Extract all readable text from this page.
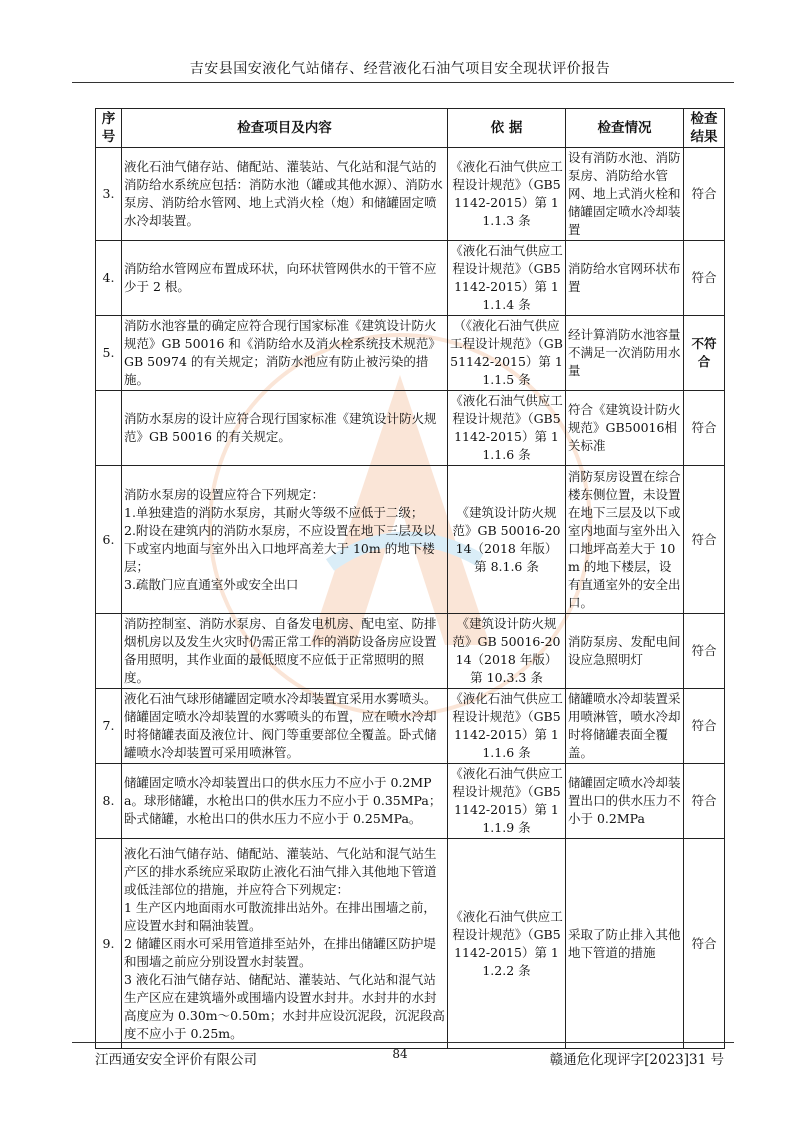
吉安县国安液化气站储存、经营液化石油气项目安全现状评价报告
序号	检查项目及内容	依 据	检查情况	检查结果
3.	液化石油气储存站、储配站、灌装站、气化站和混气站的消防给水系统应包括：消防水池（罐或其他水源）、消防水泵房、消防给水管网、地上式消火栓（炮）和储罐固定喷水冷却装置。	《液化石油气供应工程设计规范》（GB51142-2015）第 11.1.3 条	设有消防水池、消防泵房、消防给水管网、地上式消火栓和储罐固定喷水冷却装置	符合
4.	消防给水管网应布置成环状，向环状管网供水的干管不应少于 2 根。	《液化石油气供应工程设计规范》（GB51142-2015）第 11.1.4 条	消防给水官网环状布置	符合
5.	消防水池容量的确定应符合现行国家标准《建筑设计防火规范》GB 50016 和《消防给水及消火栓系统技术规范》GB 50974 的有关规定；消防水池应有防止被污染的措施。	（《液化石油气供应工程设计规范》（GB51142-2015）第 11.1.5 条	经计算消防水池容量不满足一次消防用水量	不符合
	消防水泵房的设计应符合现行国家标准《建筑设计防火规范》GB 50016 的有关规定。	《液化石油气供应工程设计规范》（GB51142-2015）第 11.1.6 条	符合《建筑设计防火规范》GB50016相关标准	符合
6.	消防水泵房的设置应符合下列规定：
1.单独建造的消防水泵房，其耐火等级不应低于二级；
2.附设在建筑内的消防水泵房，不应设置在地下三层及以下或室内地面与室外出入口地坪高差大于 10m 的地下楼层；
3.疏散门应直通室外或安全出口	《建筑设计防火规范》GB 50016-2014（2018 年版）第 8.1.6 条	消防泵房设置在综合楼东侧位置，未设置在地下三层及以下或室内地面与室外出入口地坪高差大于 10m 的地下楼层，设有直通室外的安全出口。	符合
	消防控制室、消防水泵房、自备发电机房、配电室、防排烟机房以及发生火灾时仍需正常工作的消防设备房应设置备用照明，其作业面的最低照度不应低于正常照明的照度。	《建筑设计防火规范》GB 50016-2014（2018 年版）第 10.3.3 条	消防泵房、发配电间设应急照明灯	符合
7.	液化石油气球形储罐固定喷水冷却装置宜采用水雾喷头。储罐固定喷水冷却装置的水雾喷头的布置，应在喷水冷却时将储罐表面及液位计、阀门等重要部位全覆盖。卧式储罐喷水冷却装置可采用喷淋管。	《液化石油气供应工程设计规范》（GB51142-2015）第 11.1.6 条	储罐喷水冷却装置采用喷淋管，喷水冷却时将储罐表面全覆盖。	符合
8.	储罐固定喷水冷却装置出口的供水压力不应小于 0.2MPa。球形储罐，水枪出口的供水压力不应小于 0.35MPa；卧式储罐，水枪出口的供水压力不应小于 0.25MPa。	《液化石油气供应工程设计规范》（GB51142-2015）第 11.1.9 条	储罐固定喷水冷却装置出口的供水压力不小于 0.2MPa	符合
9.	液化石油气储存站、储配站、灌装站、气化站和混气站生产区的排水系统应采取防止液化石油气排入其他地下管道或低洼部位的措施，并应符合下列规定：
1 生产区内地面雨水可散流排出站外。在排出围墙之前，应设置水封和隔油装置。
2 储罐区雨水可采用管道排至站外，在排出储罐区防护堤和围墙之前应分别设置水封装置。
3 液化石油气储存站、储配站、灌装站、气化站和混气站生产区应在建筑墙外或围墙内设置水封井。水封井的水封高度应为 0.30m～0.50m；水封井应设沉泥段，沉泥段高度不应小于 0.25m。	《液化石油气供应工程设计规范》（GB51142-2015）第 11.2.2 条	采取了防止排入其他地下管道的措施	符合
江西通安安全评价有限公司	84	赣通危化现评字[2023]31 号
